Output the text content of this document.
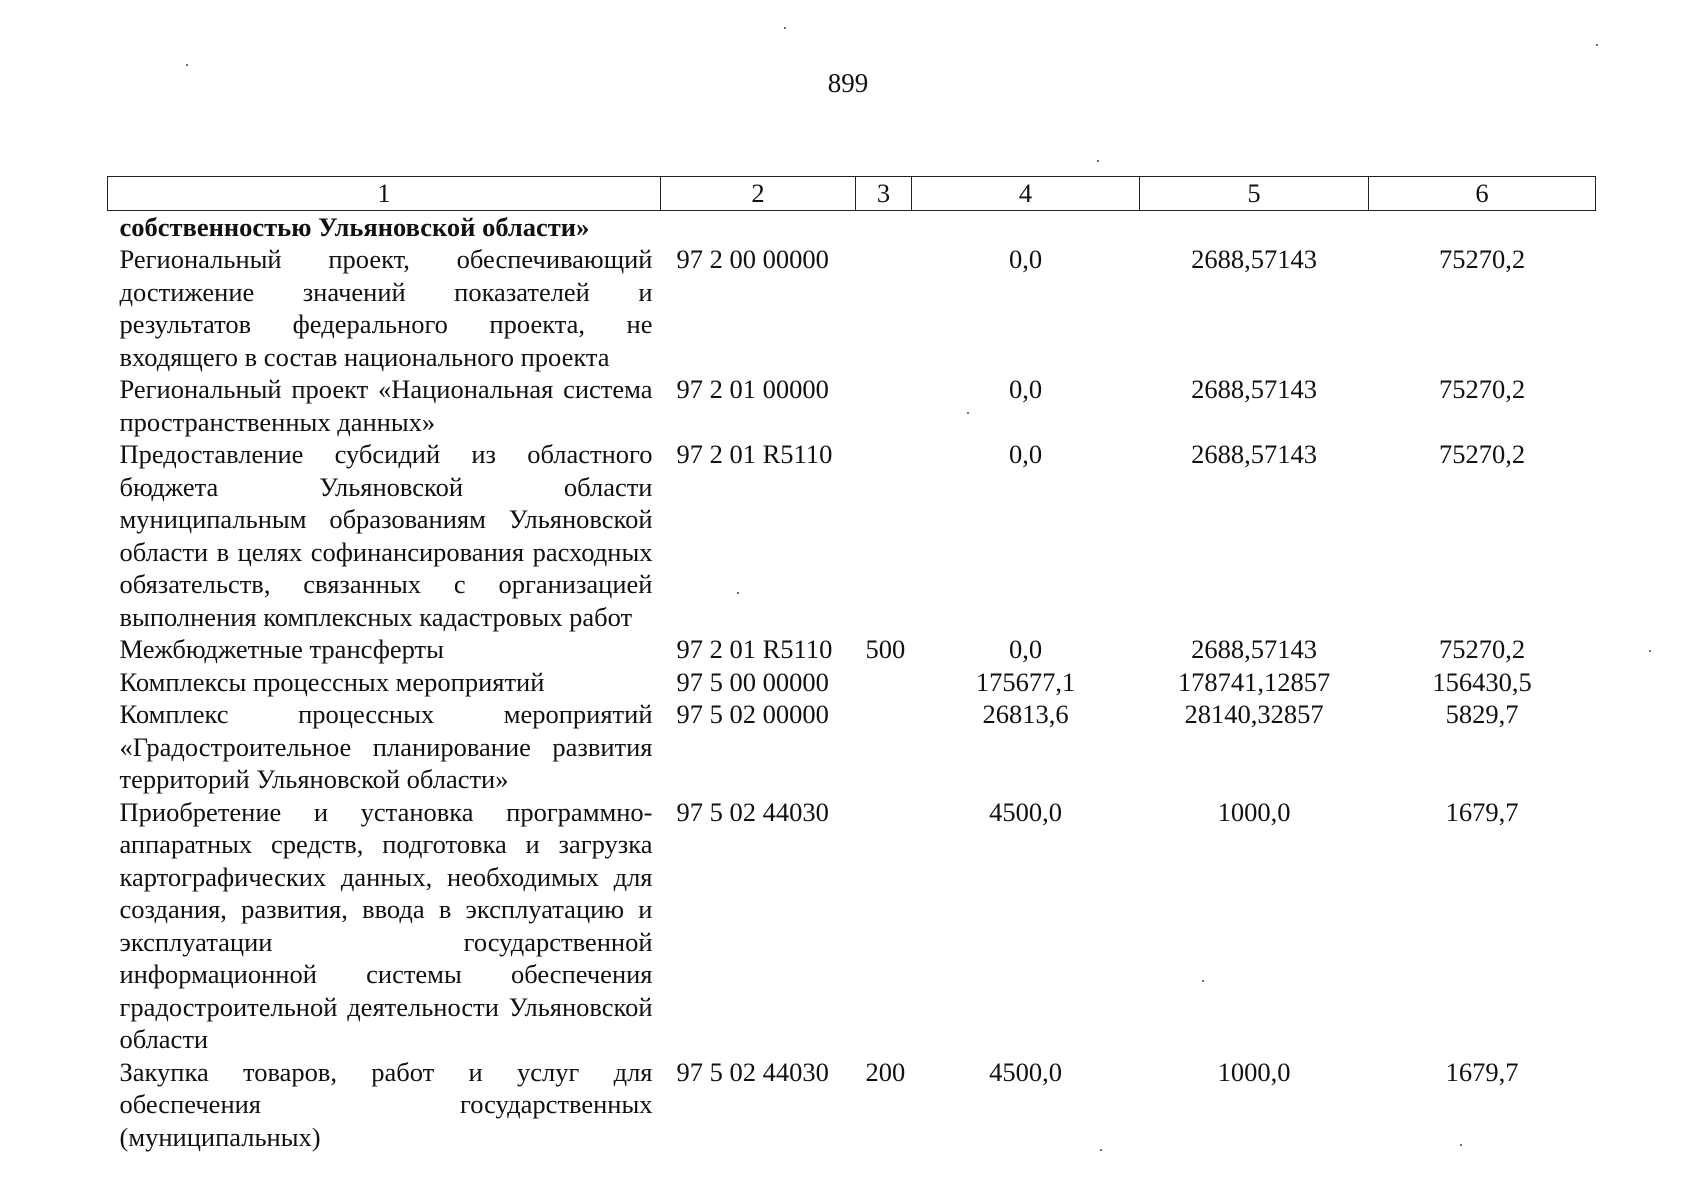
899
1	2	3	4	5	6
собственностью Ульяновской области»					
Региональный проект, обеспечивающий достижение значений показателей и результатов федерального проекта, не входящего в состав национального проекта	97 2 00 00000		0,0	2688,57143	75270,2
Региональный проект «Национальная система пространственных данных»	97 2 01 00000		0,0	2688,57143	75270,2
Предоставление субсидий из областного бюджета Ульяновской области муниципальным образованиям Ульяновской области в целях софинансирования расходных обязательств, связанных с организацией выполнения комплексных кадастровых работ	97 2 01 R5110		0,0	2688,57143	75270,2
Межбюджетные трансферты	97 2 01 R5110	500	0,0	2688,57143	75270,2
Комплексы процессных мероприятий	97 5 00 00000		175677,1	178741,12857	156430,5
Комплекс процессных мероприятий «Градостроительное планирование развития территорий Ульяновской области»	97 5 02 00000		26813,6	28140,32857	5829,7
Приобретение и установка программно-аппаратных средств, подготовка и загрузка картографических данных, необходимых для создания, развития, ввода в эксплуатацию и эксплуатации государственной информационной системы обеспечения градостроительной деятельности Ульяновской области	97 5 02 44030		4500,0	1000,0	1679,7
Закупка товаров, работ и услуг для обеспечения государственных (муниципальных)	97 5 02 44030	200	4500,0	1000,0	1679,7
